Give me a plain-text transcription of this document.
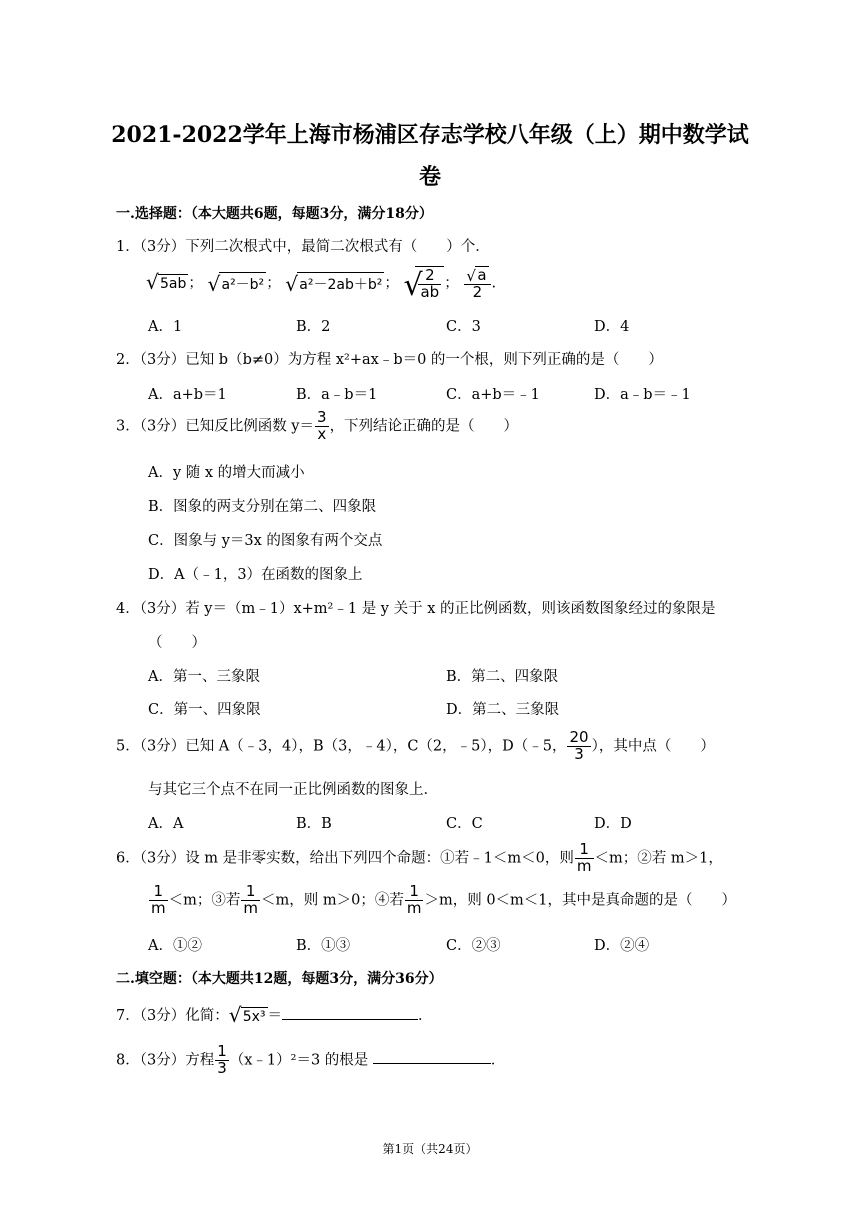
2021-2022学年上海市杨浦区存志学校八年级（上）期中数学试
卷
一.选择题：（本大题共6题，每题3分，满分18分）
1．（3分）下列二次根式中，最简二次根式有（　　）个．
√ 5ab ； √ a²－b² ； √ a²－2ab＋b² ； √
$\frac{2}{ab}$ ； $\frac{√ a}{2}$ .
A．1	B．2	C．3	D．4
2．（3分）已知 b（b≠0）为方程 x²+ax﹣b＝0 的一个根，则下列正确的是（　　）
A．a+b＝1	B．a﹣b＝1	C．a+b＝﹣1	D．a﹣b＝﹣1
3．（3分）已知反比例函数 $y= \frac{3}{x}$ ，下列结论正确的是（　　）
A．y 随 x 的增大而减小
B．图象的两支分别在第二、四象限
C．图象与 y＝3x 的图象有两个交点
D．A（﹣1，3）在函数的图象上
4．（3分）若 y＝（m﹣1）x+m²﹣1 是 y 关于 x 的正比例函数，则该函数图象经过的象限是
（　　）
A．第一、三象限	B．第二、四象限
C．第一、四象限	D．第二、三象限
5．（3分）已知 A（﹣3，4），B（3，﹣4），C（2，﹣5），D（﹣5， $\frac{20}{3}$ ），其中点（　　）
与其它三个点不在同一正比例函数的图象上．
A．A	B．B	C．C	D．D
6．（3分）设 m 是非零实数，给出下列四个命题：①若﹣1＜m＜0，则 $\frac{1}{m} <m$；②若 m＞1，
$\frac{1}{m} <m$；③若 $\frac{1}{m} <m$，则 m＞0；④若 $\frac{1}{m} >m$，则 0＜m＜1，其中是真命题的是（　　）
A．①②	B．①③	C．②③	D．②④
二.填空题：（本大题共12题，每题3分，满分36分）
7．（3分）化简： √ 5x³ ＝	．
8．（3分）方程 $\frac{1}{3}$ （x﹣1）²＝3 的根是	．
第1页（共24页）
